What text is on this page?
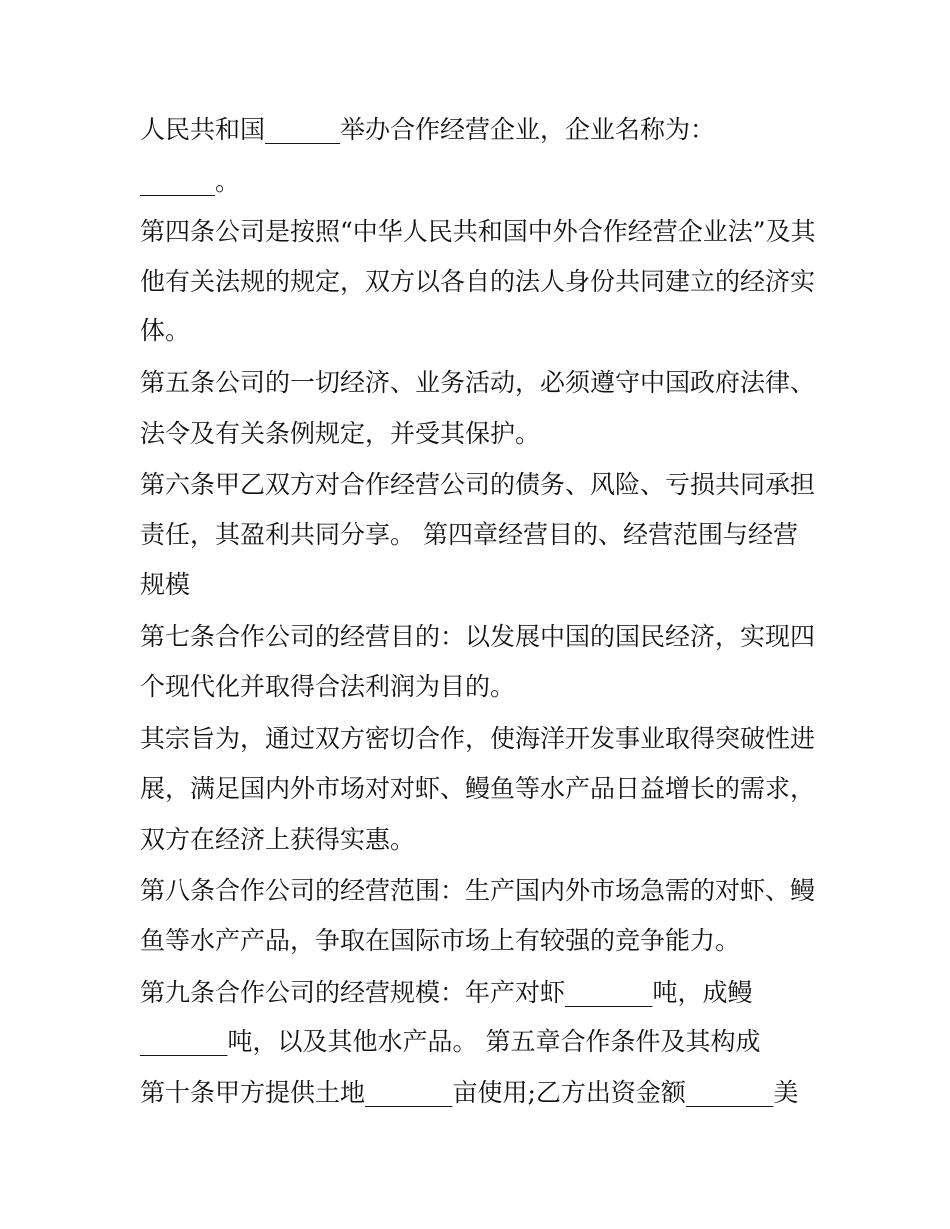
人民共和国______举办合作经营企业，企业名称为：
______。
第四条公司是按照“中华人民共和国中外合作经营企业法”及其
他有关法规的规定，双方以各自的法人身份共同建立的经济实
体。
第五条公司的一切经济、业务活动，必须遵守中国政府法律、
法令及有关条例规定，并受其保护。
第六条甲乙双方对合作经营公司的债务、风险、亏损共同承担
责任，其盈利共同分享。 第四章经营目的、经营范围与经营
规模
第七条合作公司的经营目的：以发展中国的国民经济，实现四
个现代化并取得合法利润为目的。
其宗旨为，通过双方密切合作，使海洋开发事业取得突破性进
展，满足国内外市场对对虾、鳗鱼等水产品日益增长的需求，
双方在经济上获得实惠。
第八条合作公司的经营范围：生产国内外市场急需的对虾、鳗
鱼等水产产品，争取在国际市场上有较强的竞争能力。
第九条合作公司的经营规模：年产对虾_______吨，成鳗
_______吨，以及其他水产品。 第五章合作条件及其构成
第十条甲方提供土地_______亩使用;乙方出资金额_______美
